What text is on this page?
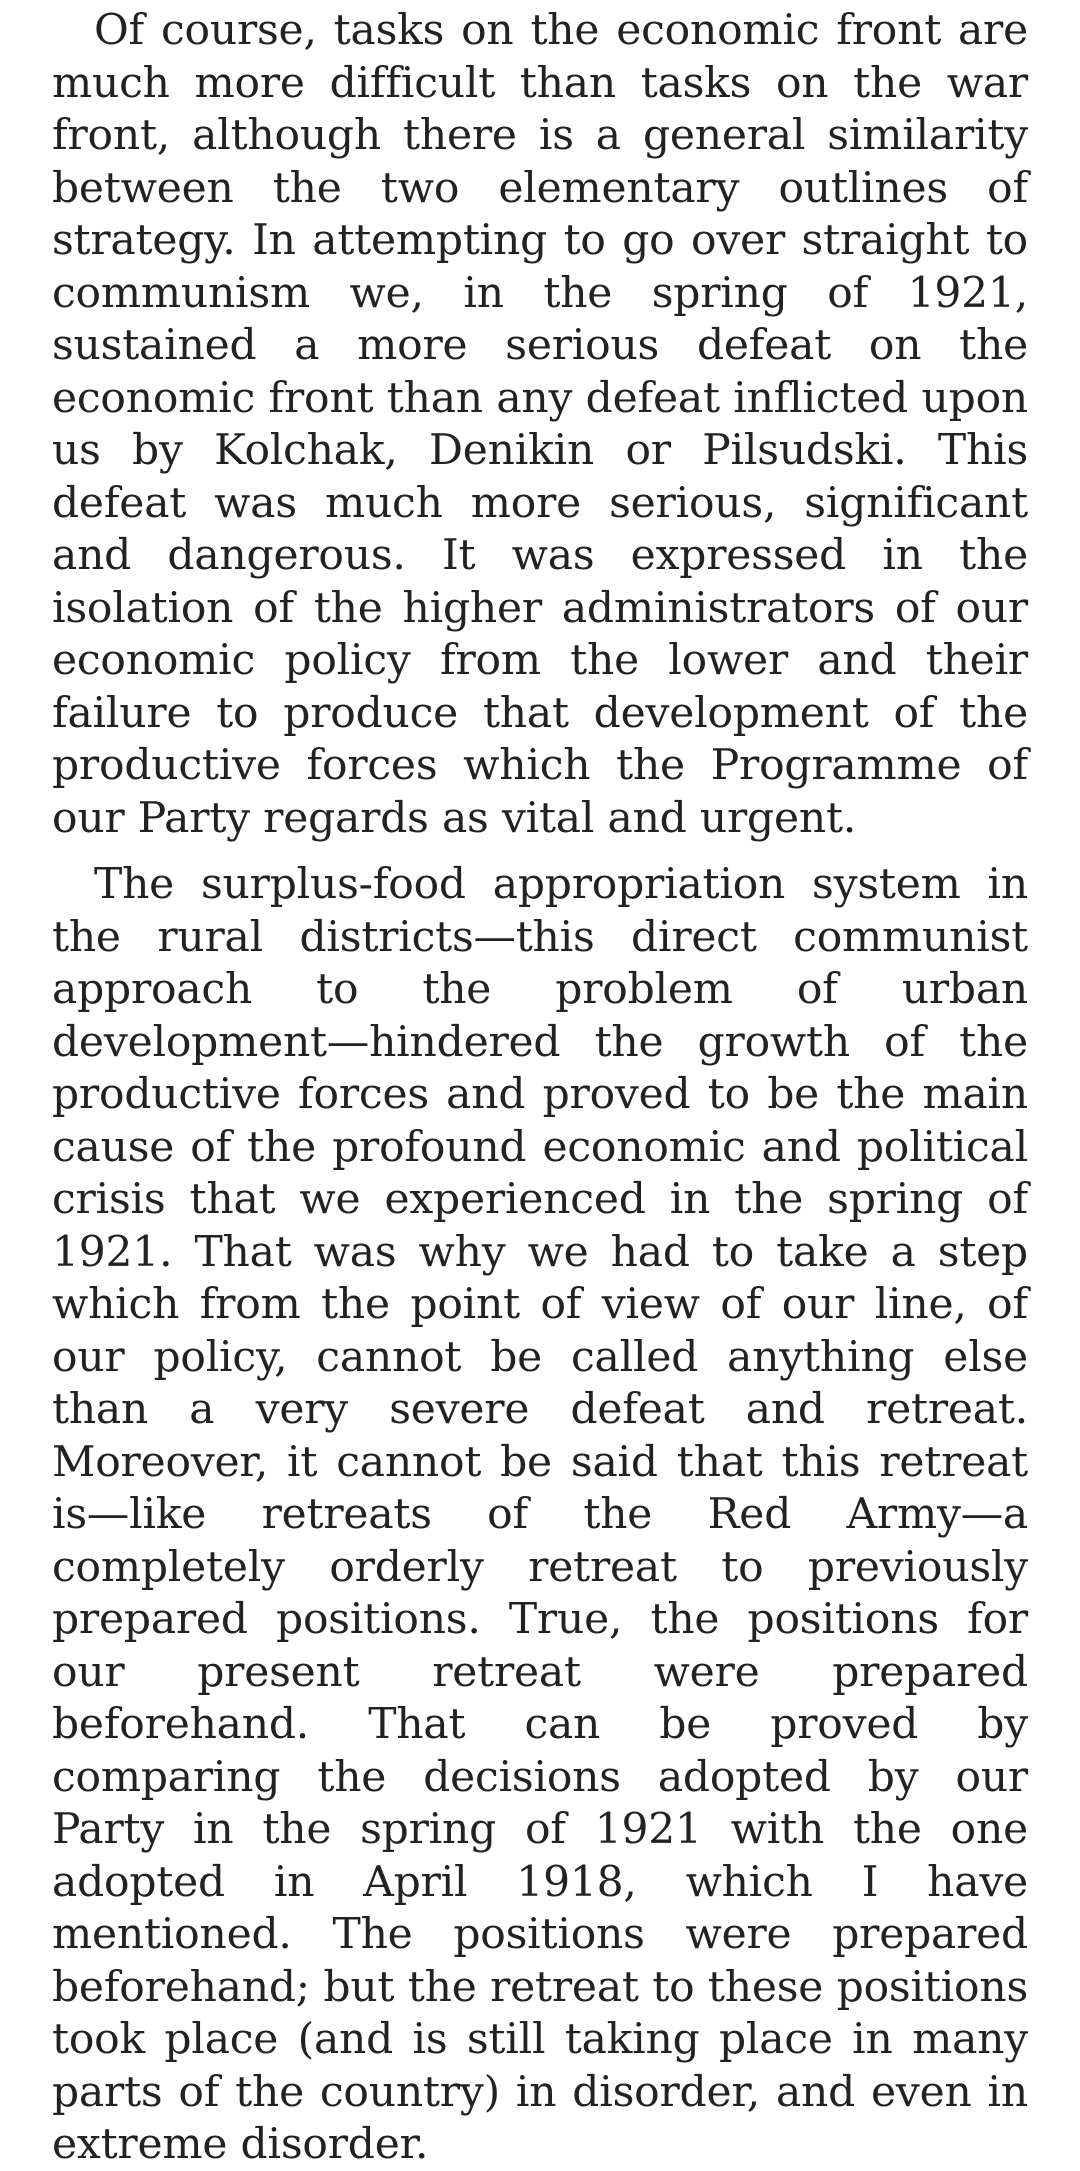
Of course, tasks on the economic front are much more difficult than tasks on the war front, although there is a general similarity between the two elementary outlines of strategy. In attempting to go over straight to communism we, in the spring of 1921, sustained a more serious defeat on the economic front than any defeat inflicted upon us by Kolchak, Denikin or Pilsudski. This defeat was much more serious, significant and dangerous. It was expressed in the isolation of the higher administrators of our economic policy from the lower and their failure to produce that development of the productive forces which the Programme of our Party regards as vital and urgent.

The surplus-food appropriation system in the rural districts—this direct communist approach to the problem of urban development—hindered the growth of the productive forces and proved to be the main cause of the profound economic and political crisis that we experienced in the spring of 1921. That was why we had to take a step which from the point of view of our line, of our policy, cannot be called anything else than a very severe defeat and retreat. Moreover, it cannot be said that this retreat is—like retreats of the Red Army—a completely orderly retreat to previously prepared positions. True, the positions for our present retreat were prepared beforehand. That can be proved by comparing the decisions adopted by our Party in the spring of 1921 with the one adopted in April 1918, which I have mentioned. The positions were prepared beforehand; but the retreat to these positions took place (and is still taking place in many parts of the country) in disorder, and even in extreme disorder.
